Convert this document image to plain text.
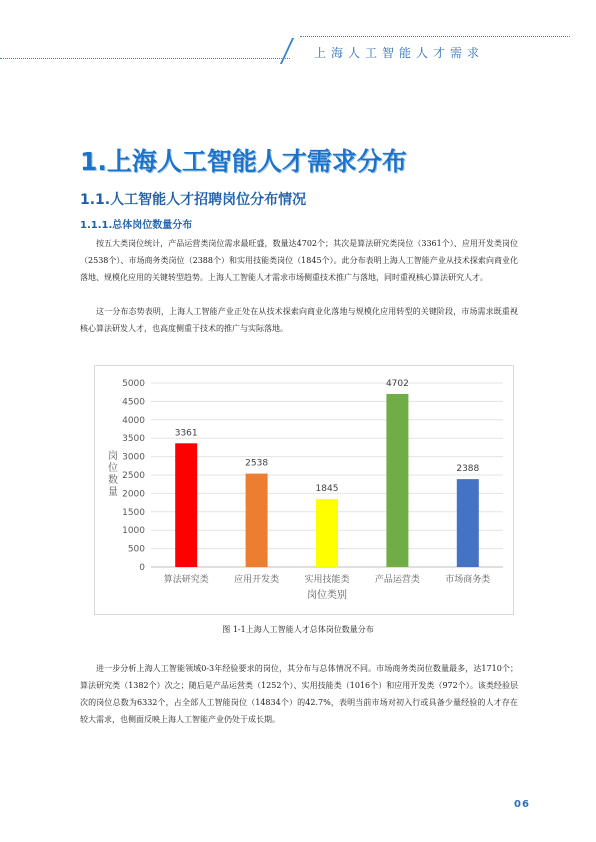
上海人工智能人才需求
1.上海人工智能人才需求分布
1.1.人工智能人才招聘岗位分布情况
1.1.1.总体岗位数量分布
按五大类岗位统计，产品运营类岗位需求最旺盛，数量达4702个；其次是算法研究类岗位（3361个）、应用开发类岗位（2538个）、市场商务类岗位（2388个）和实用技能类岗位（1845个）。此分布表明上海人工智能产业从技术探索向商业化落地、规模化应用的关键转型趋势。上海人工智能人才需求市场侧重技术推广与落地，同时重视核心算法研究人才。
这一分布态势表明，上海人工智能产业正处在从技术探索向商业化落地与规模化应用转型的关键阶段，市场需求既重视核心算法研发人才，也高度侧重于技术的推广与实际落地。
0
500
1000
1500
2000
2500
3000
3500
4000
4500
5000
3361
算法研究类
2538
应用开发类
1845
实用技能类
4702
产品运营类
2388
市场商务类
岗位类别
岗位数量
图 1-1上海人工智能人才总体岗位数量分布
进一步分析上海人工智能领域0-3年经验要求的岗位，其分布与总体情况不同。市场商务类岗位数量最多，达1710个；算法研究类（1382个）次之；随后是产品运营类（1252个）、实用技能类（1016个）和应用开发类（972个）。该类经验层次的岗位总数为6332个，占全部人工智能岗位（14834个）的42.7%，表明当前市场对初入行或具备少量经验的人才存在较大需求，也侧面反映上海人工智能产业仍处于成长期。
06
